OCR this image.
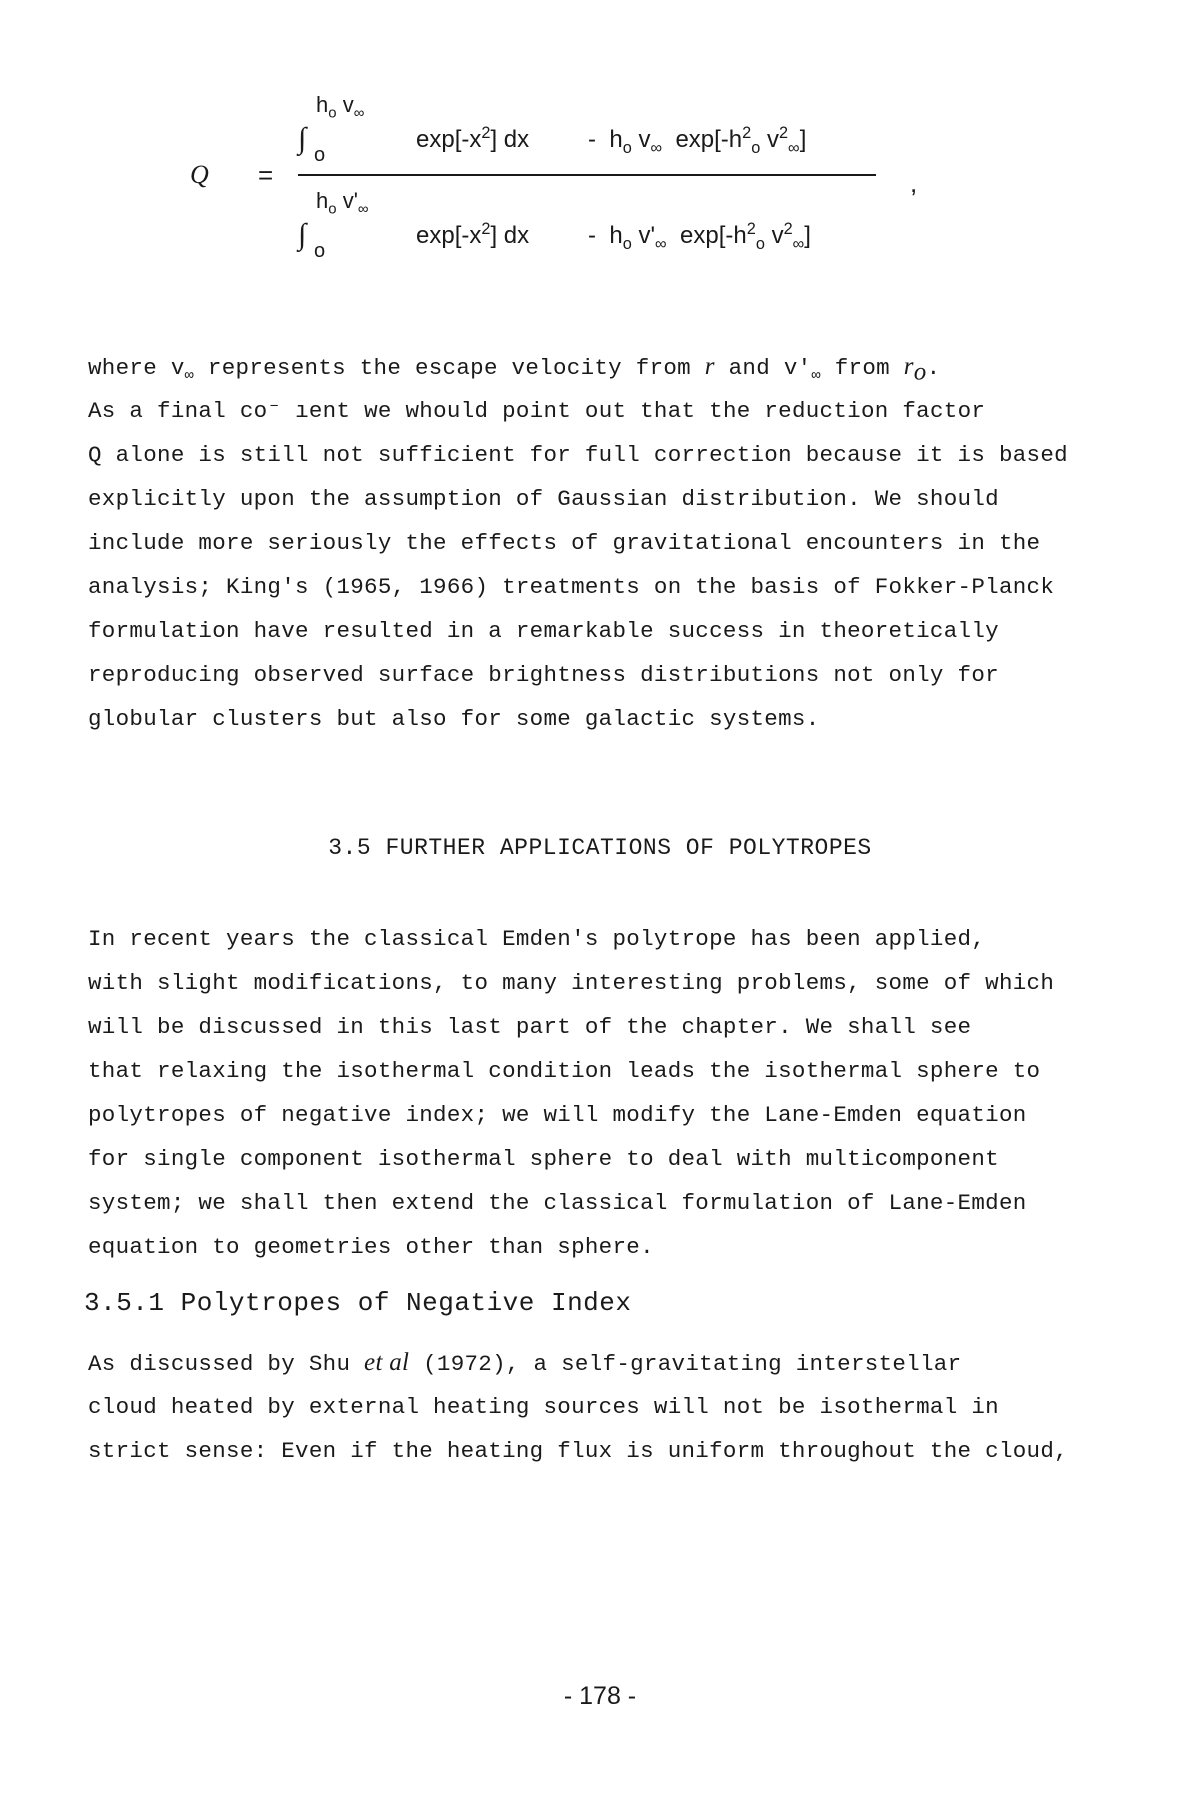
Q =
∫
$h_o$ $v_\infty$
o
$\exp[-x^2]$ dx - $h_o$ $v_\infty$ $\exp[-h^2_o$ $v^2_\infty$]
,
∫
$h_o$ $v'_\infty$
o
$\exp[-x^2]$ dx - $h_o$ $v'_\infty$ $\exp[-h^2_o$ $v^2_\infty$]
where $v_\infty$ represents the escape velocity from r and $v'_\infty$ from $r_o$.
As a final co⁻ ıent we whould point out that the reduction factor
Q alone is still not sufficient for full correction because it is based
explicitly upon the assumption of Gaussian distribution. We should
include more seriously the effects of gravitational encounters in the
analysis; King's (1965, 1966) treatments on the basis of Fokker-Planck
formulation have resulted in a remarkable success in theoretically
reproducing observed surface brightness distributions not only for
globular clusters but also for some galactic systems.
3.5 FURTHER APPLICATIONS OF POLYTROPES
In recent years the classical Emden's polytrope has been applied,
with slight modifications, to many interesting problems, some of which
will be discussed in this last part of the chapter. We shall see
that relaxing the isothermal condition leads the isothermal sphere to
polytropes of negative index; we will modify the Lane-Emden equation
for single component isothermal sphere to deal with multicomponent
system; we shall then extend the classical formulation of Lane-Emden
equation to geometries other than sphere.
3.5.1 Polytropes of Negative Index
As discussed by Shu et al (1972), a self-gravitating interstellar
cloud heated by external heating sources will not be isothermal in
strict sense: Even if the heating flux is uniform throughout the cloud,
- 178 -
